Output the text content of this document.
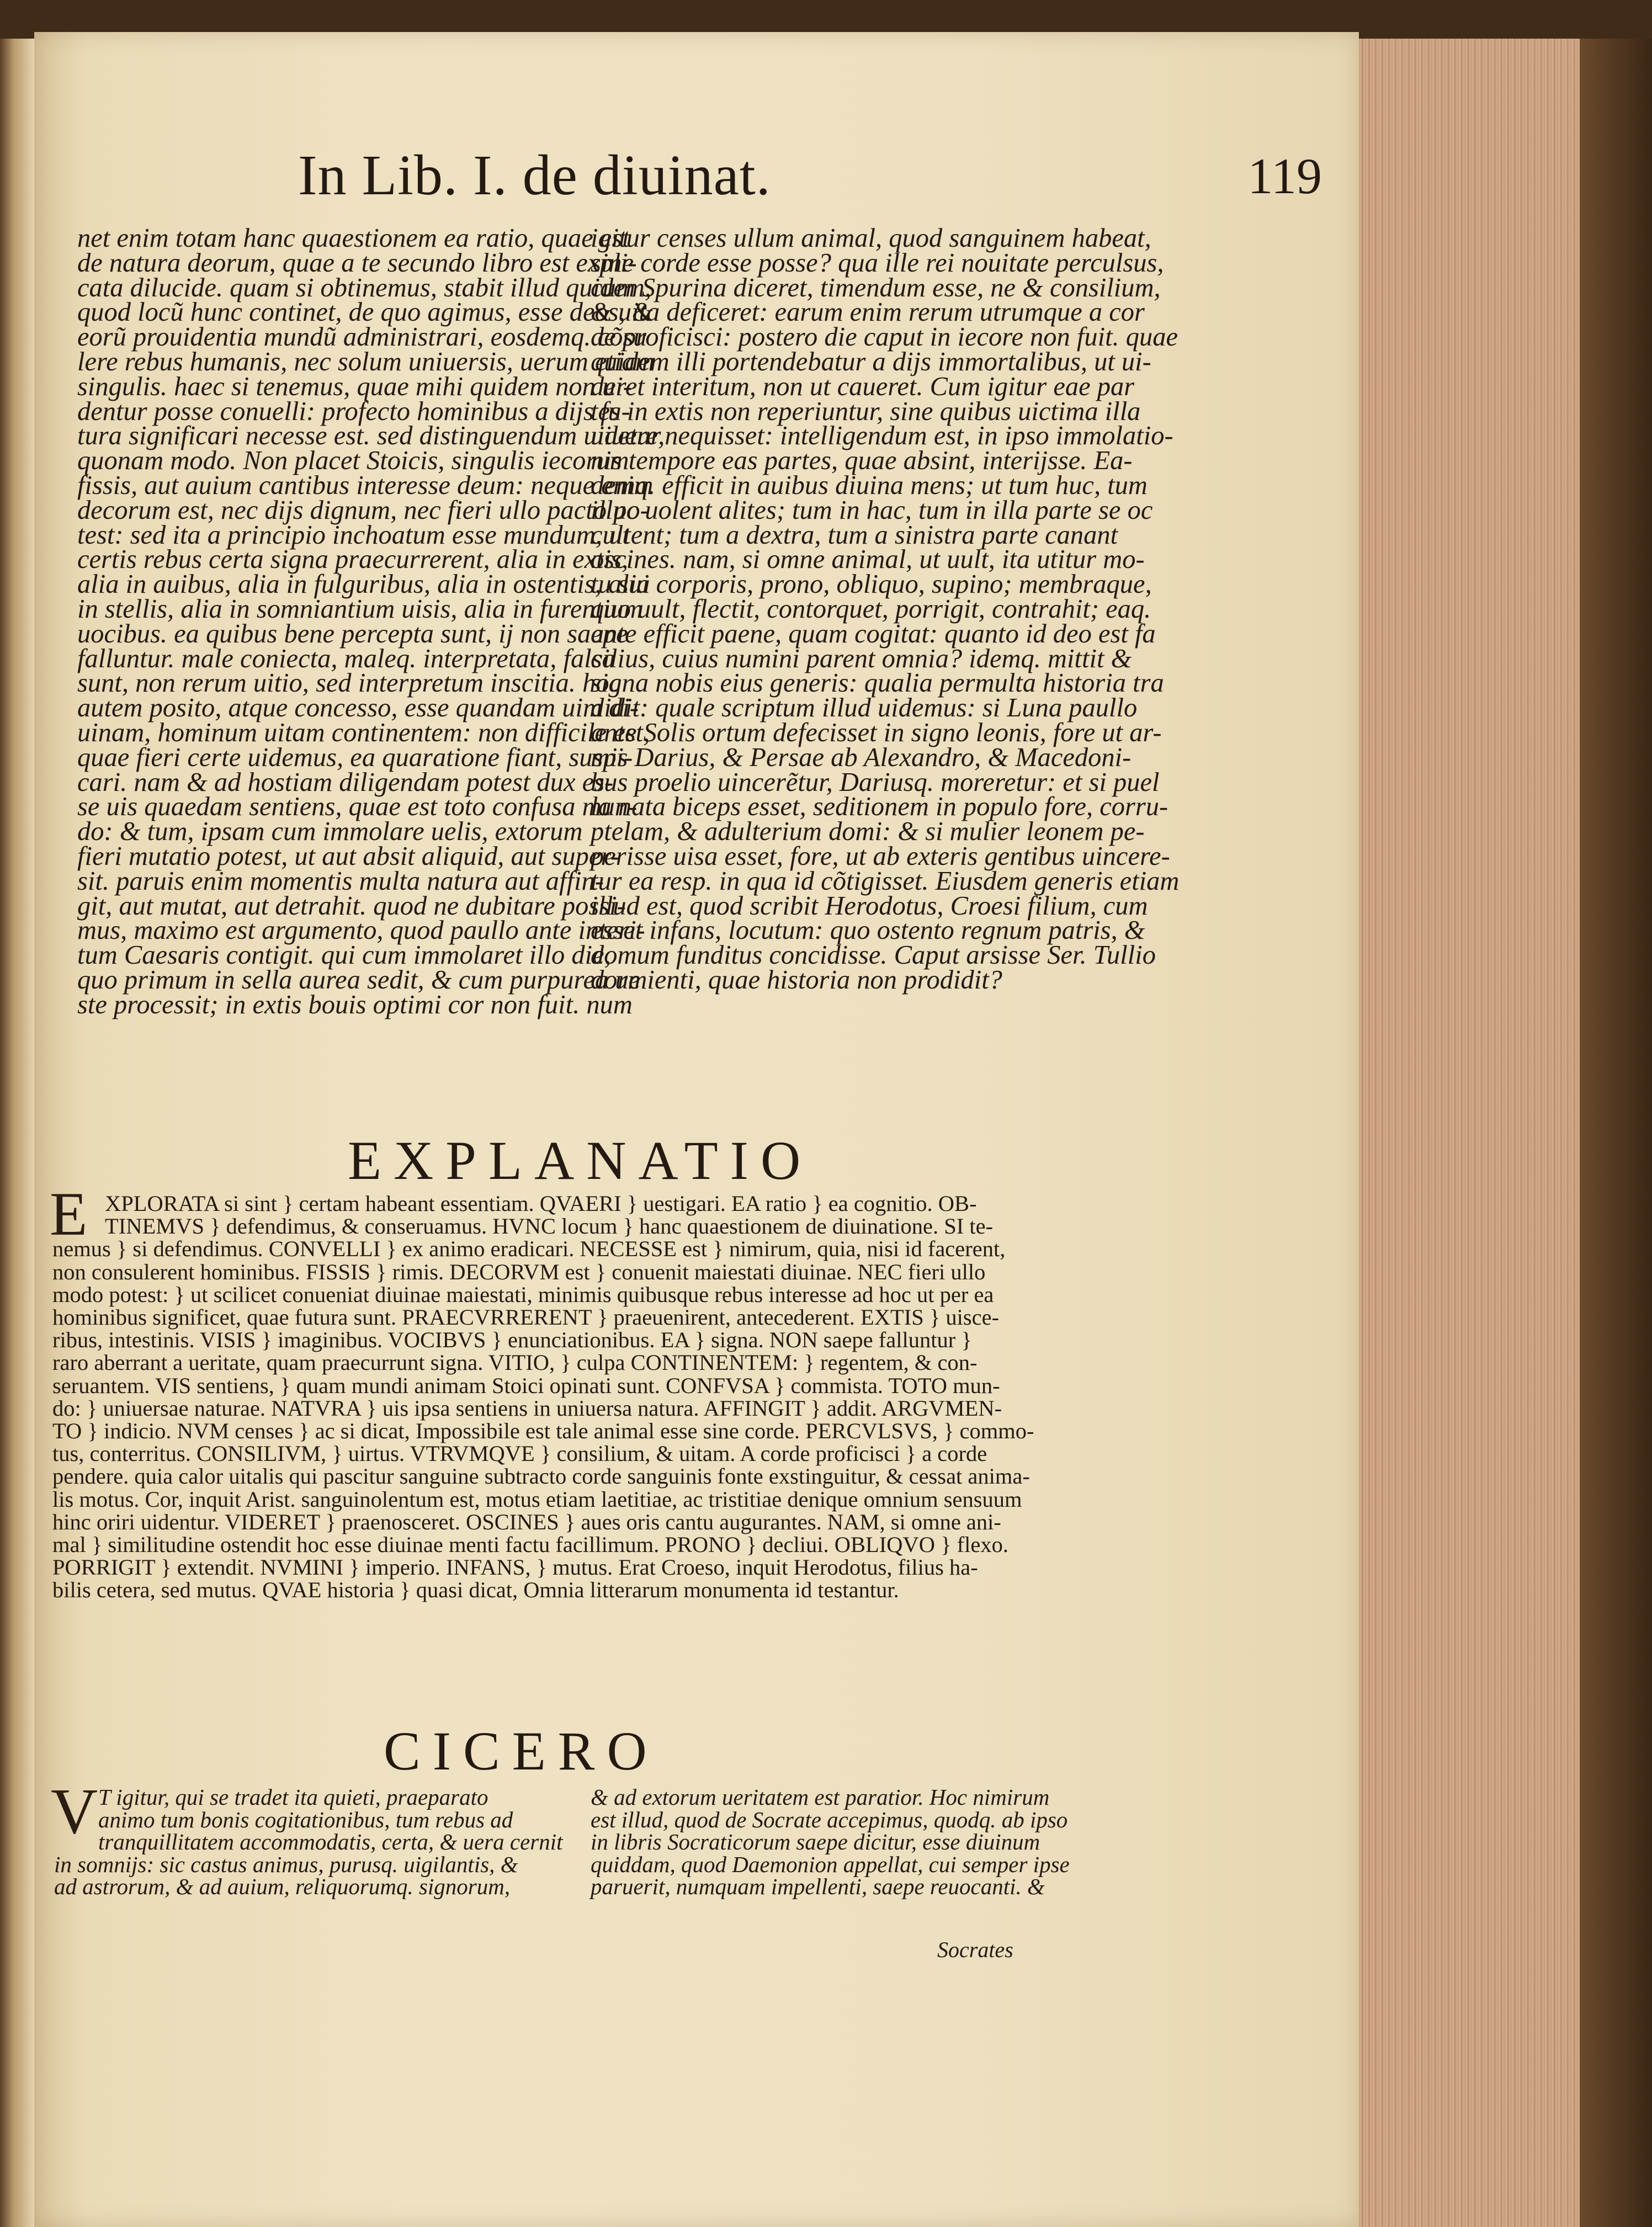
In Lib. I. de diuinat.	119
net enim totam hanc quaestionem ea ratio, quae est
de natura deorum, quae a te secundo libro est expli-
cata dilucide. quam si obtinemus, stabit illud quidem,
quod locũ hunc continet, de quo agimus, esse deos, &
eorũ prouidentia mundũ administrari, eosdemq. cõsu
lere rebus humanis, nec solum uniuersis, uerum etiam
singulis. haec si tenemus, quae mihi quidem non ui-
dentur posse conuelli: profecto hominibus a dijs fu-
tura significari necesse est. sed distinguendum uidetur,
quonam modo. Non placet Stoicis, singulis iecorum
fissis, aut auium cantibus interesse deum: neque enim
decorum est, nec dijs dignum, nec fieri ullo pacto po-
test: sed ita a principio inchoatum esse mundum, ut
certis rebus certa signa praecurrerent, alia in extis,
alia in auibus, alia in fulguribus, alia in ostentis, alia
in stellis, alia in somniantium uisis, alia in furentium
uocibus. ea quibus bene percepta sunt, ij non saepe
falluntur. male coniecta, maleq. interpretata, falsa
sunt, non rerum uitio, sed interpretum inscitia. hoc
autem posito, atque concesso, esse quandam uim di-
uinam, hominum uitam continentem: non difficile est,
quae fieri certe uidemus, ea quaratione fiant, suspi-
cari. nam & ad hostiam diligendam potest dux es-
se uis quaedam sentiens, quae est toto confusa mun-
do: & tum, ipsam cum immolare uelis, extorum
fieri mutatio potest, ut aut absit aliquid, aut super-
sit. paruis enim momentis multa natura aut affin-
git, aut mutat, aut detrahit. quod ne dubitare possi-
mus, maximo est argumento, quod paullo ante interi-
tum Caesaris contigit. qui cum immolaret illo die,
quo primum in sella aurea sedit, & cum purpurea ue
ste processit; in extis bouis optimi cor non fuit. num
igitur censes ullum animal, quod sanguinem habeat,
sine corde esse posse? qua ille rei nouitate perculsus,
cum Spurina diceret, timendum esse, ne & consilium,
& uita deficeret: earum enim rerum utrumque a cor
de proficisci: postero die caput in iecore non fuit. quae
quidem illi portendebatur a dijs immortalibus, ut ui-
deret interitum, non ut caueret. Cum igitur eae par
tes in extis non reperiuntur, sine quibus uictima illa
uiuere nequisset: intelligendum est, in ipso immolatio-
nis tempore eas partes, quae absint, interijsse. Ea-
demq. efficit in auibus diuina mens; ut tum huc, tum
illuc uolent alites; tum in hac, tum in illa parte se oc
cultent; tum a dextra, tum a sinistra parte canant
oscines. nam, si omne animal, ut uult, ita utitur mo-
tu sui corporis, prono, obliquo, supino; membraque,
quo uult, flectit, contorquet, porrigit, contrahit; eaq.
ante efficit paene, quam cogitat: quanto id deo est fa
cilius, cuius numini parent omnia? idemq. mittit &
signa nobis eius generis: qualia permulta historia tra
didit: quale scriptum illud uidemus: si Luna paullo
ante Solis ortum defecisset in signo leonis, fore ut ar-
mis Darius, & Persae ab Alexandro, & Macedoni-
bus proelio uincerẽtur, Dariusq. moreretur: et si puel
la nata biceps esset, seditionem in populo fore, corru-
ptelam, & adulterium domi: & si mulier leonem pe-
perisse uisa esset, fore, ut ab exteris gentibus uincere-
tur ea resp. in qua id cõtigisset. Eiusdem generis etiam
illud est, quod scribit Herodotus, Croesi filium, cum
esset infans, locutum: quo ostento regnum patris, &
domum funditus concidisse. Caput arsisse Ser. Tullio
dormienti, quae historia non prodidit?
EXPLANATIO
E XPLORATA si sint } certam habeant essentiam. QVAERI } uestigari. EA ratio } ea cognitio. OB-
TINEMVS } defendimus, & conseruamus. HVNC locum } hanc quaestionem de diuinatione. SI te-
nemus } si defendimus. CONVELLI } ex animo eradicari. NECESSE est } nimirum, quia, nisi id facerent,
non consulerent hominibus. FISSIS } rimis. DECORVM est } conuenit maiestati diuinae. NEC fieri ullo
modo potest: } ut scilicet conueniat diuinae maiestati, minimis quibusque rebus interesse ad hoc ut per ea
hominibus significet, quae futura sunt. PRAECVRRERENT } praeuenirent, antecederent. EXTIS } uisce-
ribus, intestinis. VISIS } imaginibus. VOCIBVS } enunciationibus. EA } signa. NON saepe falluntur }
raro aberrant a ueritate, quam praecurrunt signa. VITIO, } culpa CONTINENTEM: } regentem, & con-
seruantem. VIS sentiens, } quam mundi animam Stoici opinati sunt. CONFVSA } commista. TOTO mun-
do: } uniuersae naturae. NATVRA } uis ipsa sentiens in uniuersa natura. AFFINGIT } addit. ARGVMEN-
TO } indicio. NVM censes } ac si dicat, Impossibile est tale animal esse sine corde. PERCVLSVS, } commo-
tus, conterritus. CONSILIVM, } uirtus. VTRVMQVE } consilium, & uitam. A corde proficisci } a corde
pendere. quia calor uitalis qui pascitur sanguine subtracto corde sanguinis fonte exstinguitur, & cessat anima-
lis motus. Cor, inquit Arist. sanguinolentum est, motus etiam laetitiae, ac tristitiae denique omnium sensuum
hinc oriri uidentur. VIDERET } praenosceret. OSCINES } aues oris cantu augurantes. NAM, si omne ani-
mal } similitudine ostendit hoc esse diuinae menti factu facillimum. PRONO } decliui. OBLIQVO } flexo.
PORRIGIT } extendit. NVMINI } imperio. INFANS, } mutus. Erat Croeso, inquit Herodotus, filius ha-
bilis cetera, sed mutus. QVAE historia } quasi dicat, Omnia litterarum monumenta id testantur.
CICERO
V T igitur, qui se tradet ita quieti, praeparato
animo tum bonis cogitationibus, tum rebus ad
tranquillitatem accommodatis, certa, & uera cernit
in somnijs: sic castus animus, purusq. uigilantis, &
ad astrorum, & ad auium, reliquorumq. signorum,
& ad extorum ueritatem est paratior. Hoc nimirum
est illud, quod de Socrate accepimus, quodq. ab ipso
in libris Socraticorum saepe dicitur, esse diuinum
quiddam, quod Daemonion appellat, cui semper ipse
paruerit, numquam impellenti, saepe reuocanti. &
Socrates
